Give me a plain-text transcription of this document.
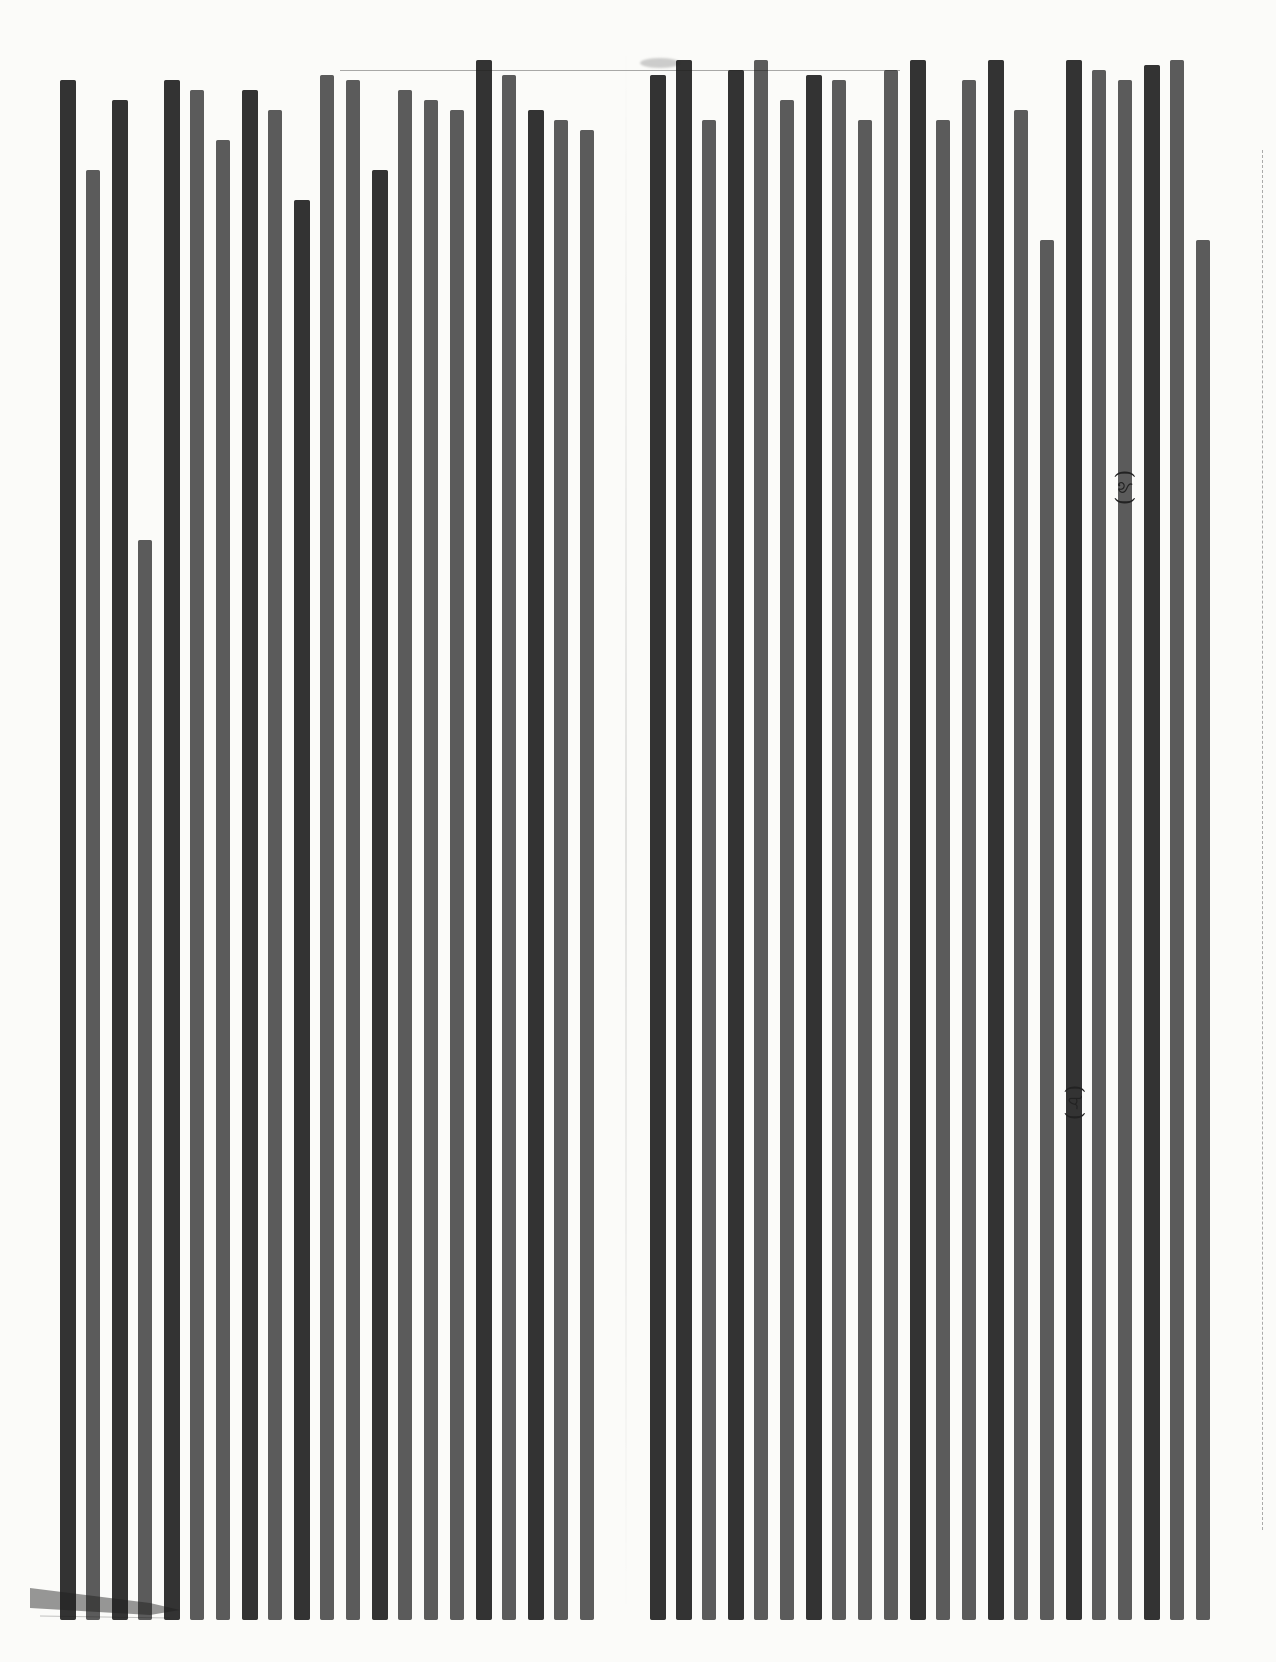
(৮)
(৯)
